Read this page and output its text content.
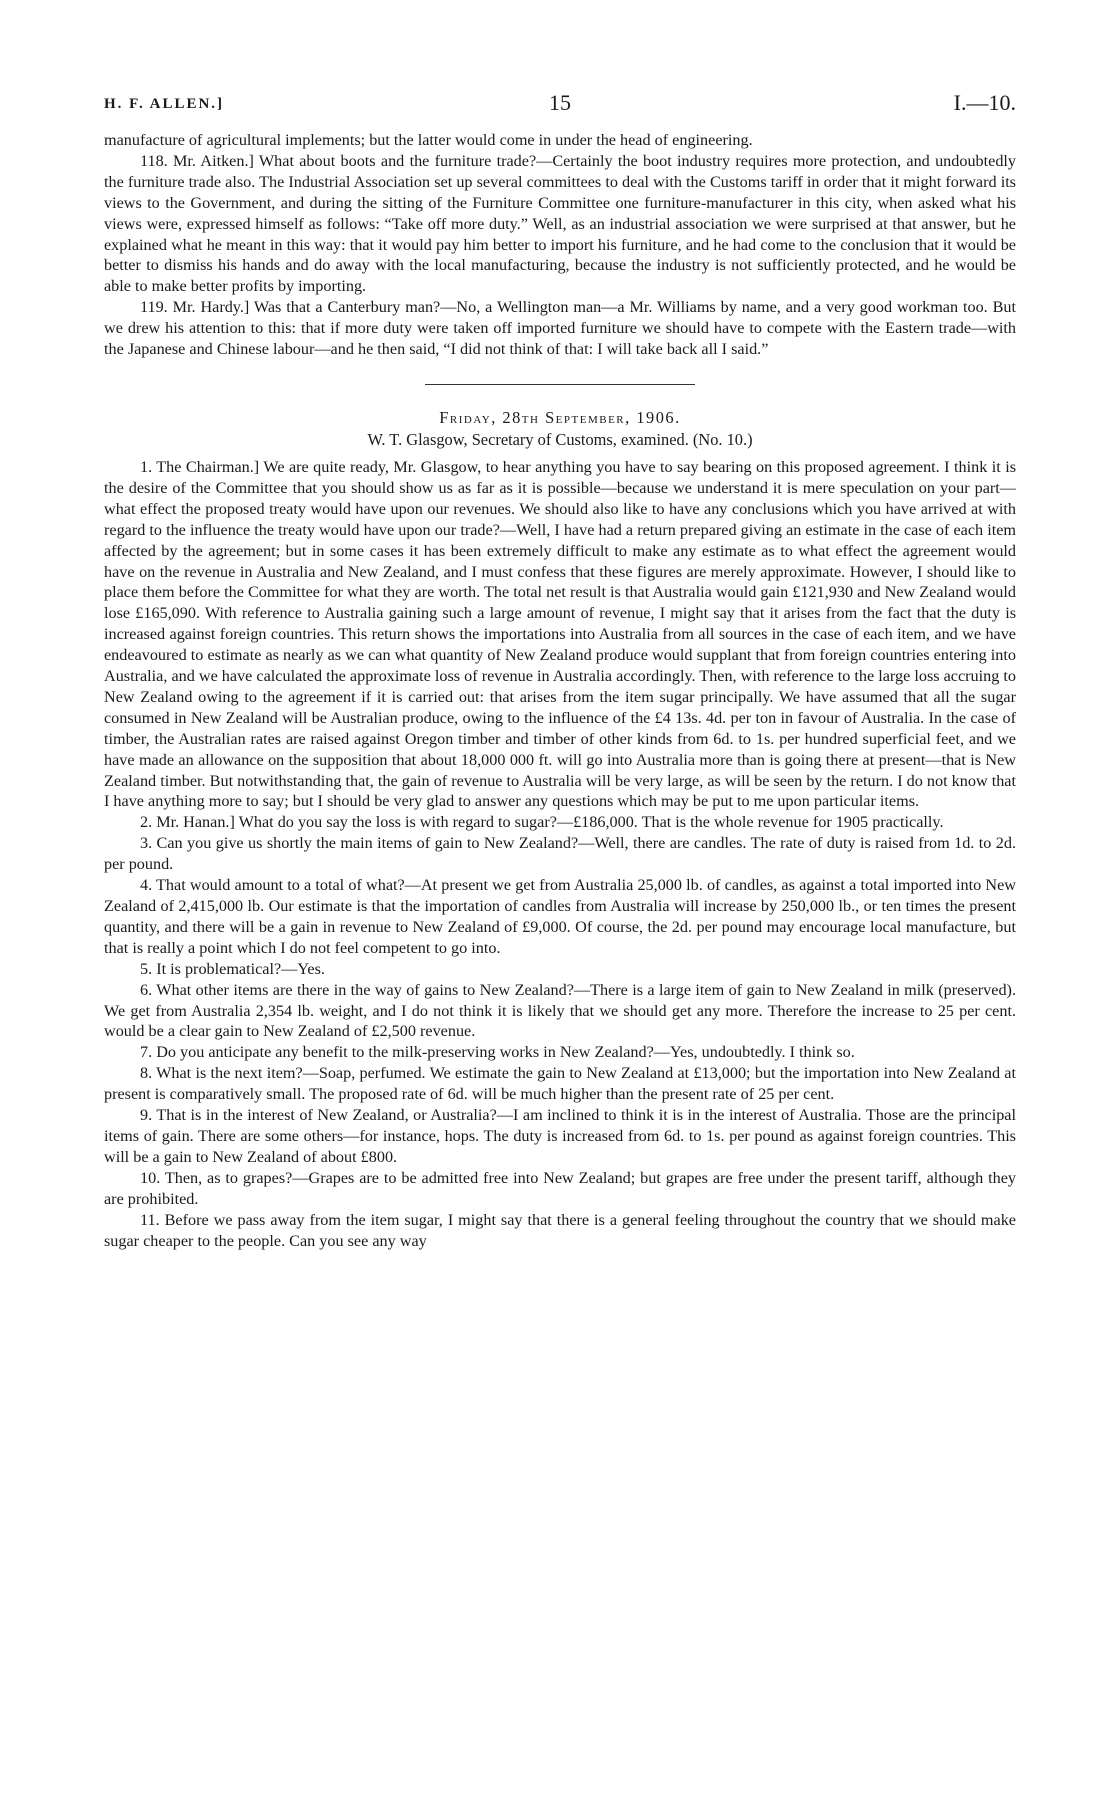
H. F. ALLEN.]	15	I.—10.

manufacture of agricultural implements; but the latter would come in under the head of engineering.

118. Mr. Aitken.] What about boots and the furniture trade?—Certainly the boot industry requires more protection, and undoubtedly the furniture trade also. The Industrial Association set up several committees to deal with the Customs tariff in order that it might forward its views to the Government, and during the sitting of the Furniture Committee one furniture-manufacturer in this city, when asked what his views were, expressed himself as follows: “Take off more duty.” Well, as an industrial association we were surprised at that answer, but he explained what he meant in this way: that it would pay him better to import his furniture, and he had come to the conclusion that it would be better to dismiss his hands and do away with the local manufacturing, because the industry is not sufficiently protected, and he would be able to make better profits by importing.

119. Mr. Hardy.] Was that a Canterbury man?—No, a Wellington man—a Mr. Williams by name, and a very good workman too. But we drew his attention to this: that if more duty were taken off imported furniture we should have to compete with the Eastern trade—with the Japanese and Chinese labour—and he then said, “I did not think of that: I will take back all I said.”

Friday, 28th September, 1906.
W. T. Glasgow, Secretary of Customs, examined. (No. 10.)

1. The Chairman.] We are quite ready, Mr. Glasgow, to hear anything you have to say bearing on this proposed agreement. I think it is the desire of the Committee that you should show us as far as it is possible—because we understand it is mere speculation on your part—what effect the proposed treaty would have upon our revenues. We should also like to have any conclusions which you have arrived at with regard to the influence the treaty would have upon our trade?—Well, I have had a return prepared giving an estimate in the case of each item affected by the agreement; but in some cases it has been extremely difficult to make any estimate as to what effect the agreement would have on the revenue in Australia and New Zealand, and I must confess that these figures are merely approximate. However, I should like to place them before the Committee for what they are worth. The total net result is that Australia would gain £121,930 and New Zealand would lose £165,090. With reference to Australia gaining such a large amount of revenue, I might say that it arises from the fact that the duty is increased against foreign countries. This return shows the importations into Australia from all sources in the case of each item, and we have endeavoured to estimate as nearly as we can what quantity of New Zealand produce would supplant that from foreign countries entering into Australia, and we have calculated the approximate loss of revenue in Australia accordingly. Then, with reference to the large loss accruing to New Zealand owing to the agreement if it is carried out: that arises from the item sugar principally. We have assumed that all the sugar consumed in New Zealand will be Australian produce, owing to the influence of the £4 13s. 4d. per ton in favour of Australia. In the case of timber, the Australian rates are raised against Oregon timber and timber of other kinds from 6d. to 1s. per hundred superficial feet, and we have made an allowance on the supposition that about 18,000 000 ft. will go into Australia more than is going there at present—that is New Zealand timber. But notwithstanding that, the gain of revenue to Australia will be very large, as will be seen by the return. I do not know that I have anything more to say; but I should be very glad to answer any questions which may be put to me upon particular items.

2. Mr. Hanan.] What do you say the loss is with regard to sugar?—£186,000. That is the whole revenue for 1905 practically.

3. Can you give us shortly the main items of gain to New Zealand?—Well, there are candles. The rate of duty is raised from 1d. to 2d. per pound.

4. That would amount to a total of what?—At present we get from Australia 25,000 lb. of candles, as against a total imported into New Zealand of 2,415,000 lb. Our estimate is that the importation of candles from Australia will increase by 250,000 lb., or ten times the present quantity, and there will be a gain in revenue to New Zealand of £9,000. Of course, the 2d. per pound may encourage local manufacture, but that is really a point which I do not feel competent to go into.

5. It is problematical?—Yes.

6. What other items are there in the way of gains to New Zealand?—There is a large item of gain to New Zealand in milk (preserved). We get from Australia 2,354 lb. weight, and I do not think it is likely that we should get any more. Therefore the increase to 25 per cent. would be a clear gain to New Zealand of £2,500 revenue.

7. Do you anticipate any benefit to the milk-preserving works in New Zealand?—Yes, undoubtedly. I think so.

8. What is the next item?—Soap, perfumed. We estimate the gain to New Zealand at £13,000; but the importation into New Zealand at present is comparatively small. The proposed rate of 6d. will be much higher than the present rate of 25 per cent.

9. That is in the interest of New Zealand, or Australia?—I am inclined to think it is in the interest of Australia. Those are the principal items of gain. There are some others—for instance, hops. The duty is increased from 6d. to 1s. per pound as against foreign countries. This will be a gain to New Zealand of about £800.

10. Then, as to grapes?—Grapes are to be admitted free into New Zealand; but grapes are free under the present tariff, although they are prohibited.

11. Before we pass away from the item sugar, I might say that there is a general feeling throughout the country that we should make sugar cheaper to the people. Can you see any way
